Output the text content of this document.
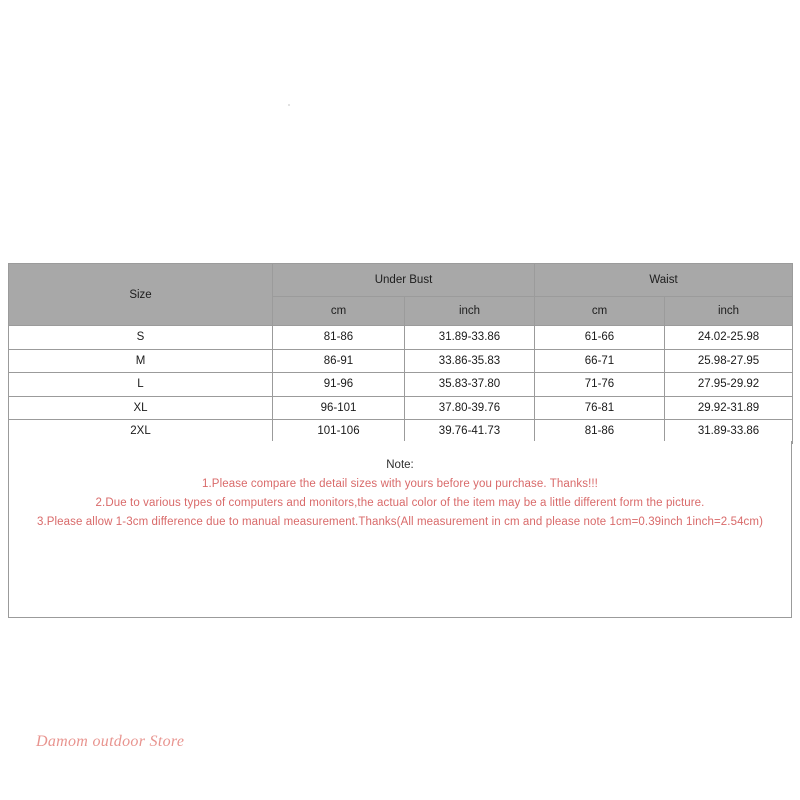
Size	Under Bust		Waist	
	cm	inch	cm	inch
S	81-86	31.89-33.86	61-66	24.02-25.98
M	86-91	33.86-35.83	66-71	25.98-27.95
L	91-96	35.83-37.80	71-76	27.95-29.92
XL	96-101	37.80-39.76	76-81	29.92-31.89
2XL	101-106	39.76-41.73	81-86	31.89-33.86
Note:
1.Please compare the detail sizes with yours before you purchase. Thanks!!!
2.Due to various types of computers and monitors,the actual color of the item may be a little different form the picture.
3.Please allow 1-3cm difference due to manual measurement.Thanks(All measurement in cm and please note 1cm=0.39inch 1inch=2.54cm)
Damom outdoor Store
